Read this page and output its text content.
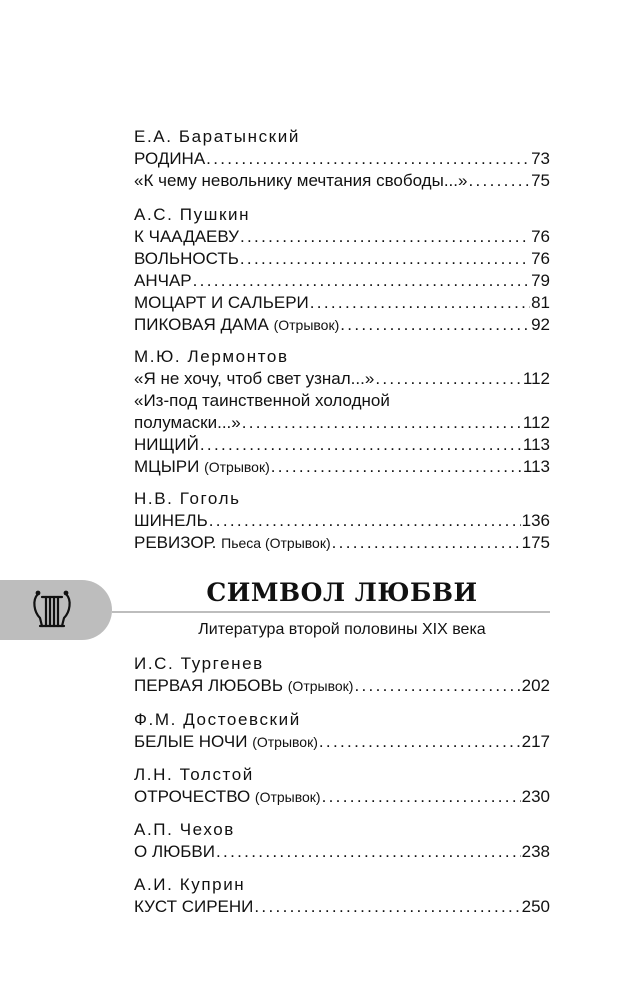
Е.А. Баратынский
РОДИНА . . .	73
«К чему невольнику мечтания свободы...» . . .	75
А.С. Пушкин
К ЧААДАЕВУ . . .	76
ВОЛЬНОСТЬ . . .	76
АНЧАР . . .	79
МОЦАРТ И САЛЬЕРИ . . .	81
ПИКОВАЯ ДАМА (Отрывок) . . .	92
М.Ю. Лермонтов
«Я не хочу, чтоб свет узнал...» . . .	112
«Из-под таинственной холодной
полумаски...» . . .	112
НИЩИЙ . . .	113
МЦЫРИ (Отрывок) . . .	113
Н.В. Гоголь
ШИНЕЛЬ . . .	136
РЕВИЗОР. Пьеса (Отрывок) . . .	175
СИМВОЛ ЛЮБВИ
Литература второй половины XIX века
И.С. Тургенев
ПЕРВАЯ ЛЮБОВЬ (Отрывок) . . .	202
Ф.М. Достоевский
БЕЛЫЕ НОЧИ (Отрывок) . . .	217
Л.Н. Толстой
ОТРОЧЕСТВО (Отрывок) . . .	230
А.П. Чехов
О ЛЮБВИ . . .	238
А.И. Куприн
КУСТ СИРЕНИ . . .	250
